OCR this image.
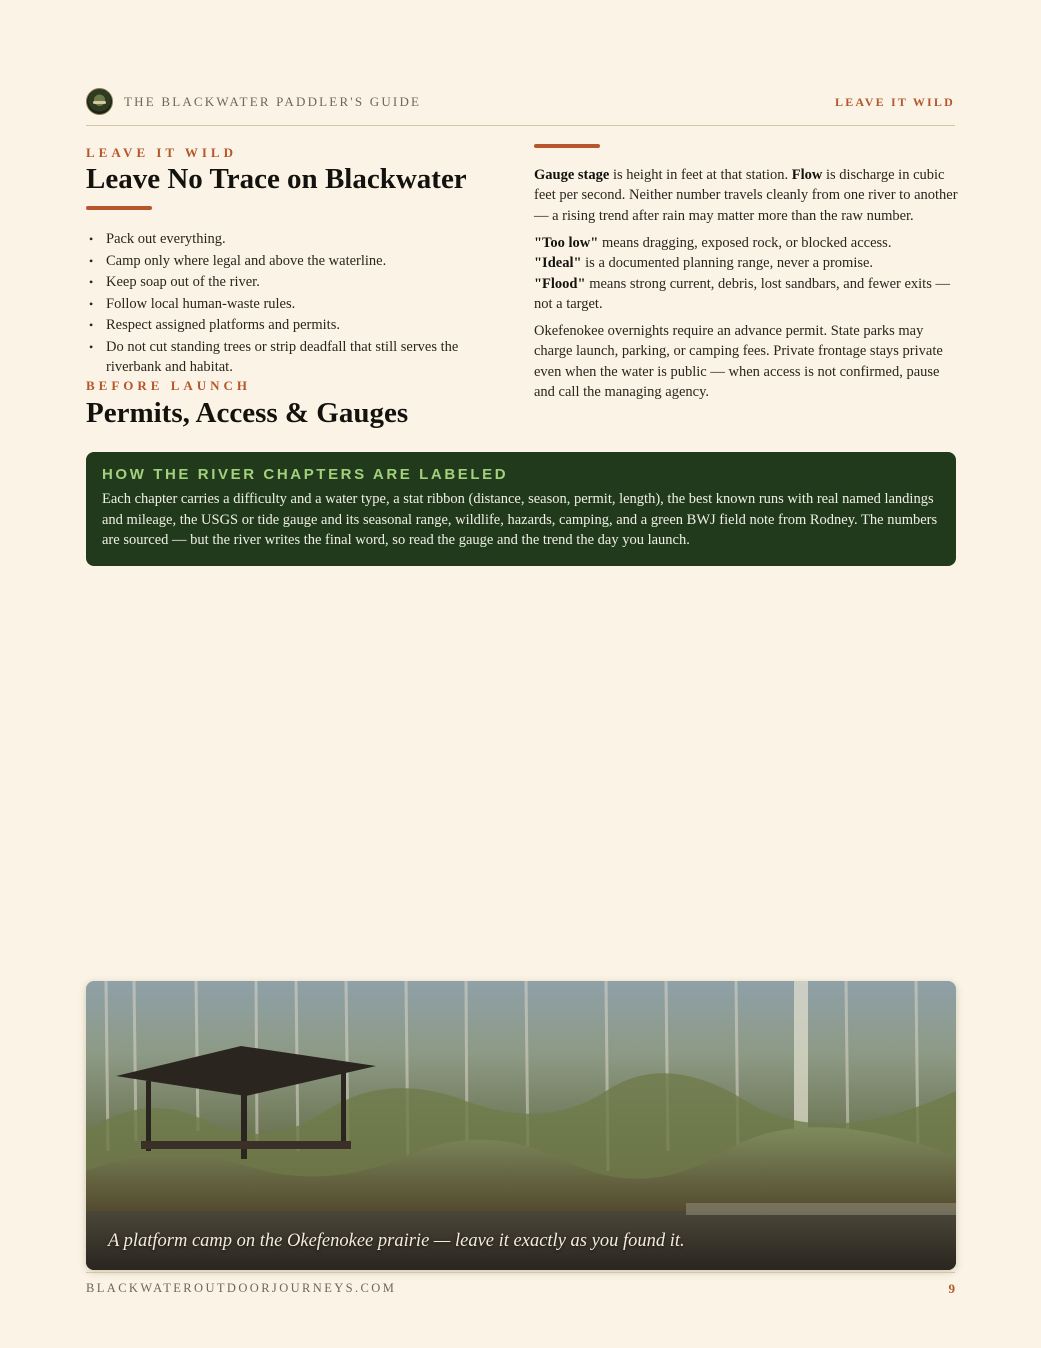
THE BLACKWATER PADDLER'S GUIDE	LEAVE IT WILD
LEAVE IT WILD
Leave No Trace on Blackwater
• Pack out everything.
• Camp only where legal and above the waterline.
• Keep soap out of the river.
• Follow local human-waste rules.
• Respect assigned platforms and permits.
• Do not cut standing trees or strip deadfall that still serves the riverbank and habitat.
BEFORE LAUNCH
Permits, Access & Gauges

Gauge stage is height in feet at that station. Flow is discharge in cubic feet per second. Neither number travels cleanly from one river to another — a rising trend after rain may matter more than the raw number.

"Too low" means dragging, exposed rock, or blocked access.
"Ideal" is a documented planning range, never a promise.
"Flood" means strong current, debris, lost sandbars, and fewer exits — not a target.

Okefenokee overnights require an advance permit. State parks may charge launch, parking, or camping fees. Private frontage stays private even when the water is public — when access is not confirmed, pause and call the managing agency.

HOW THE RIVER CHAPTERS ARE LABELED
Each chapter carries a difficulty and a water type, a stat ribbon (distance, season, permit, length), the best known runs with real named landings and mileage, the USGS or tide gauge and its seasonal range, wildlife, hazards, camping, and a green BWJ field note from Rodney. The numbers are sourced — but the river writes the final word, so read the gauge and the trend the day you launch.
A platform camp on the Okefenokee prairie — leave it exactly as you found it.
BLACKWATEROUTDOORJOURNEYS.COM	9
